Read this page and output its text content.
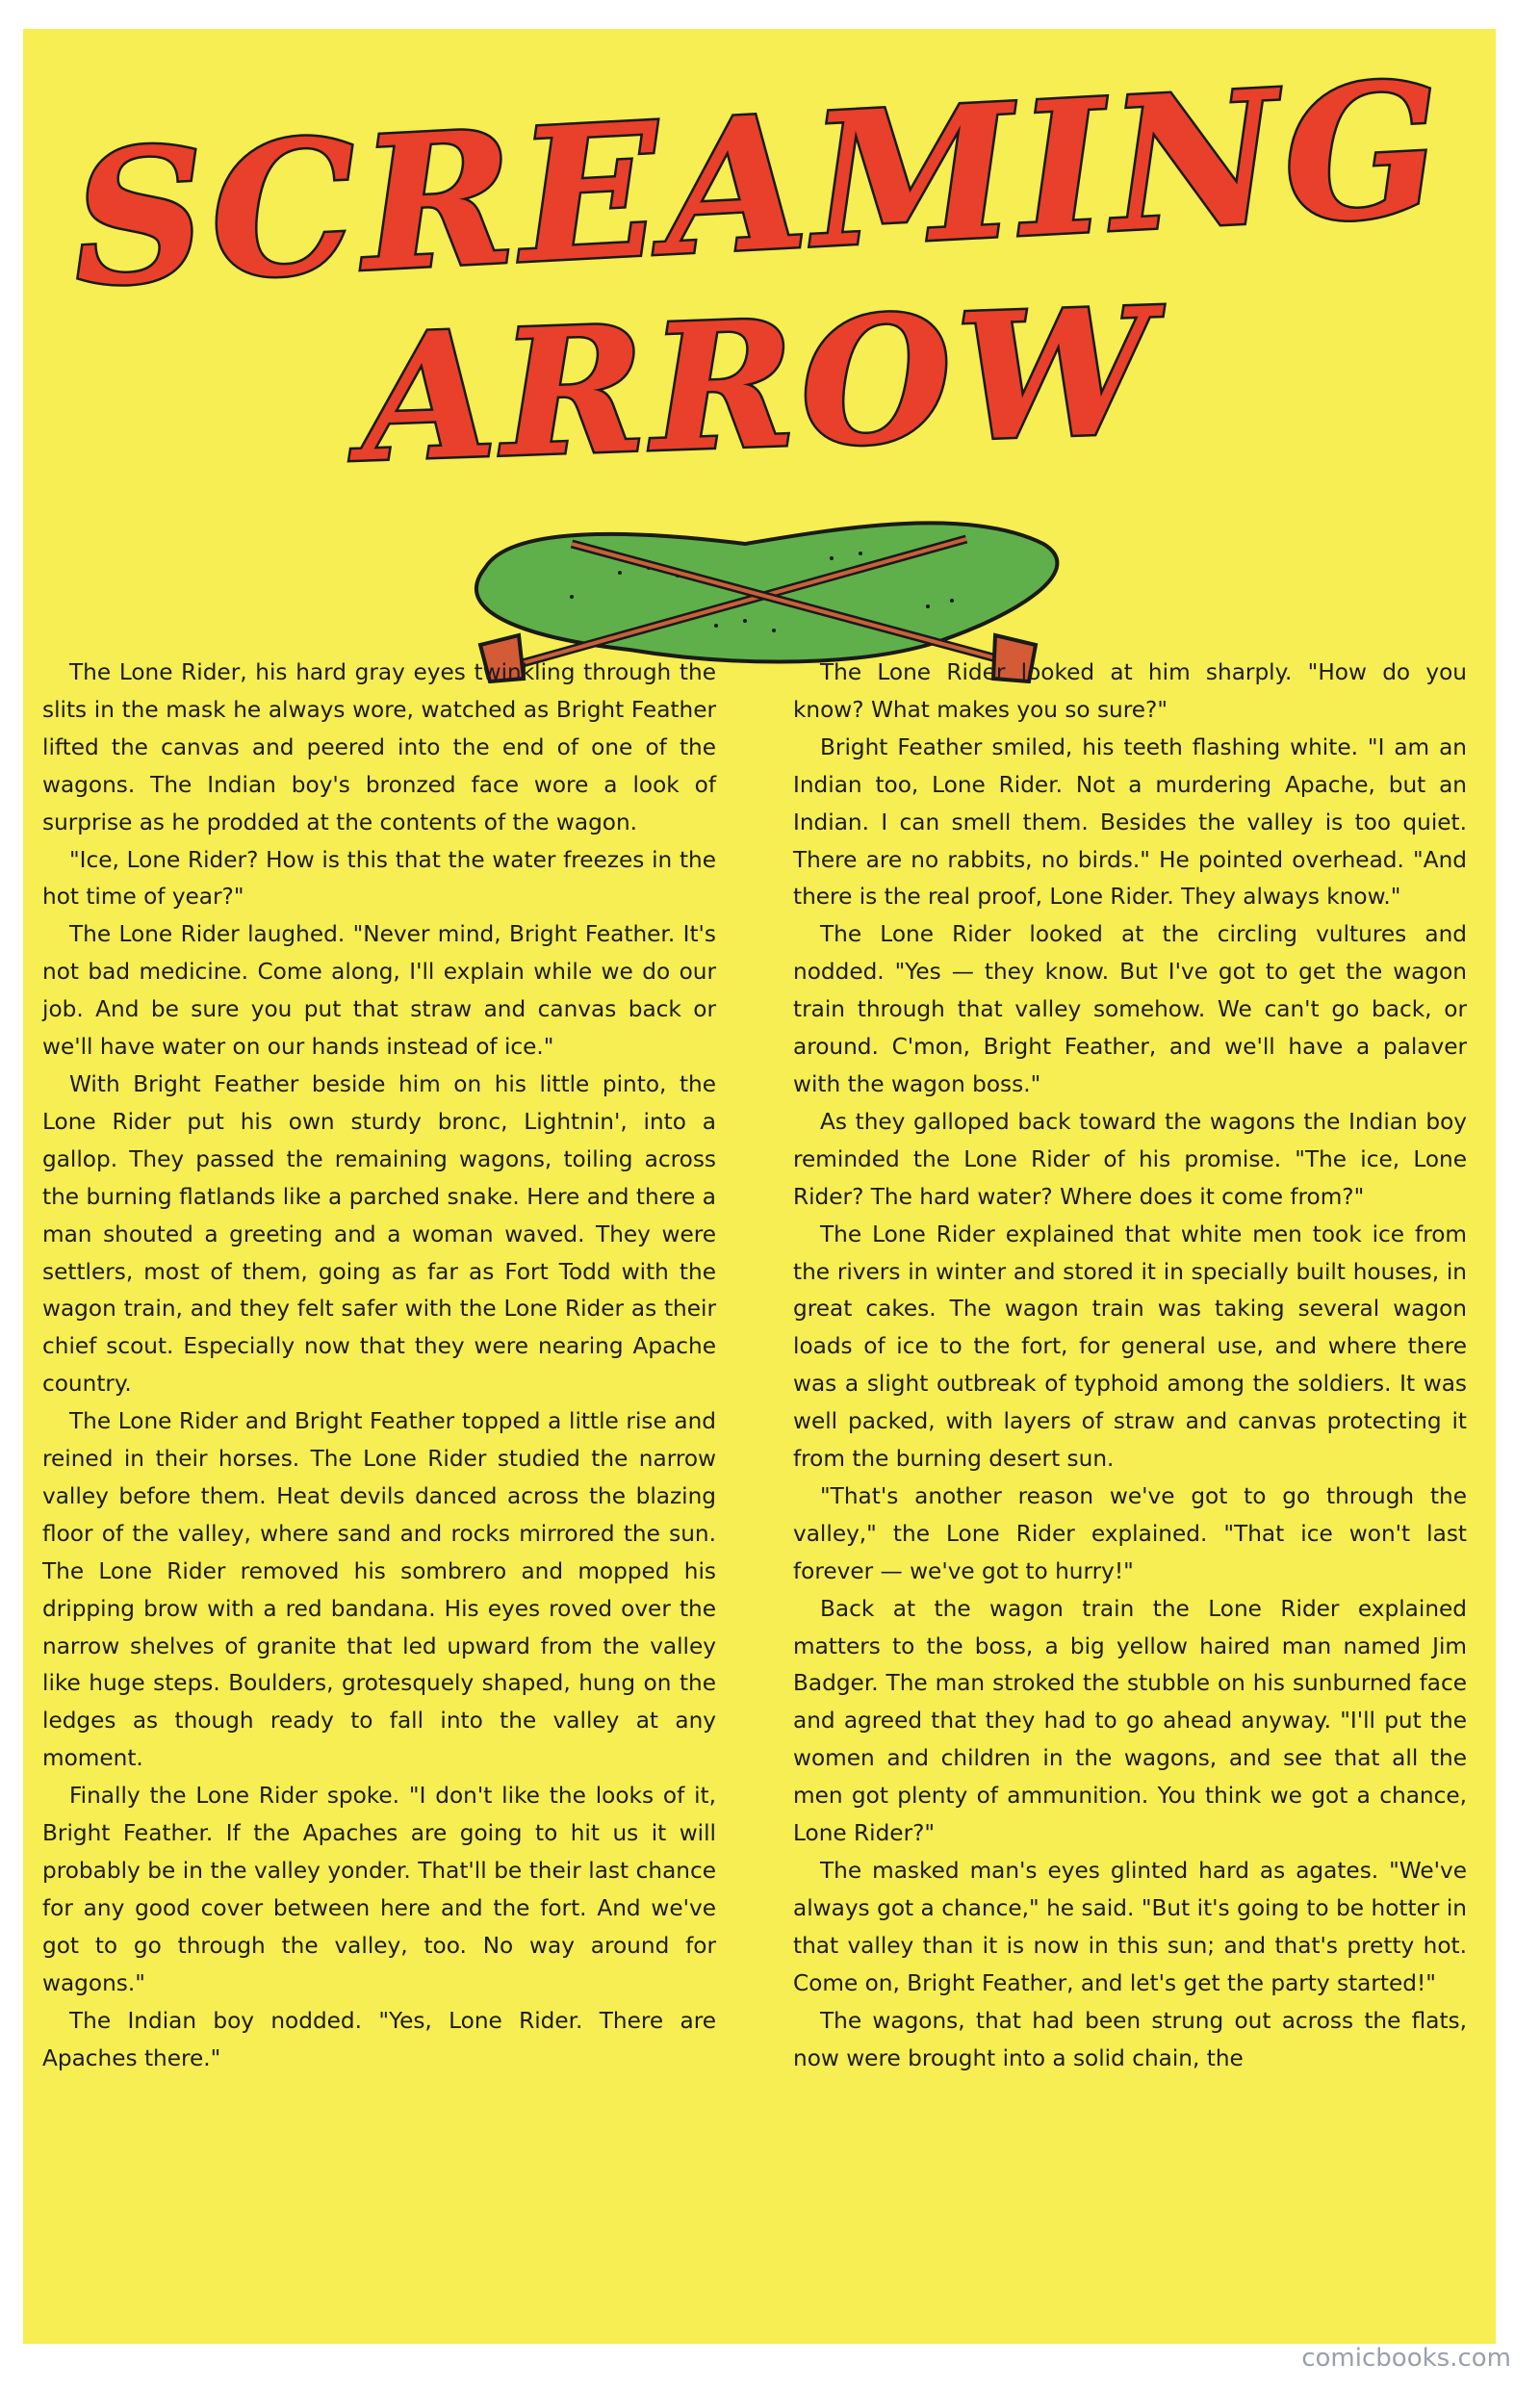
SCREAMING
ARROW

The Lone Rider, his hard gray eyes twinkling through the slits in the mask he always wore, watched as Bright Feather lifted the canvas and peered into the end of one of the wagons. The Indian boy's bronzed face wore a look of surprise as he prodded at the contents of the wagon.

"Ice, Lone Rider? How is this that the water freezes in the hot time of year?"

The Lone Rider laughed. "Never mind, Bright Feather. It's not bad medicine. Come along, I'll explain while we do our job. And be sure you put that straw and canvas back or we'll have water on our hands instead of ice."

With Bright Feather beside him on his little pinto, the Lone Rider put his own sturdy bronc, Lightnin', into a gallop. They passed the remaining wagons, toiling across the burning flatlands like a parched snake. Here and there a man shouted a greeting and a woman waved. They were settlers, most of them, going as far as Fort Todd with the wagon train, and they felt safer with the Lone Rider as their chief scout. Especially now that they were nearing Apache country.

The Lone Rider and Bright Feather topped a little rise and reined in their horses. The Lone Rider studied the narrow valley before them. Heat devils danced across the blazing floor of the valley, where sand and rocks mirrored the sun. The Lone Rider removed his sombrero and mopped his dripping brow with a red bandana. His eyes roved over the narrow shelves of granite that led upward from the valley like huge steps. Boulders, grotesquely shaped, hung on the ledges as though ready to fall into the valley at any moment.

Finally the Lone Rider spoke. "I don't like the looks of it, Bright Feather. If the Apaches are going to hit us it will probably be in the valley yonder. That'll be their last chance for any good cover between here and the fort. And we've got to go through the valley, too. No way around for wagons."

The Indian boy nodded. "Yes, Lone Rider. There are Apaches there."

The Lone Rider looked at him sharply. "How do you know? What makes you so sure?"

Bright Feather smiled, his teeth flashing white. "I am an Indian too, Lone Rider. Not a murdering Apache, but an Indian. I can smell them. Besides the valley is too quiet. There are no rabbits, no birds." He pointed overhead. "And there is the real proof, Lone Rider. They always know."

The Lone Rider looked at the circling vultures and nodded. "Yes — they know. But I've got to get the wagon train through that valley somehow. We can't go back, or around. C'mon, Bright Feather, and we'll have a palaver with the wagon boss."

As they galloped back toward the wagons the Indian boy reminded the Lone Rider of his promise. "The ice, Lone Rider? The hard water? Where does it come from?"

The Lone Rider explained that white men took ice from the rivers in winter and stored it in specially built houses, in great cakes. The wagon train was taking several wagon loads of ice to the fort, for general use, and where there was a slight outbreak of typhoid among the soldiers. It was well packed, with layers of straw and canvas protecting it from the burning desert sun.

"That's another reason we've got to go through the valley," the Lone Rider explained. "That ice won't last forever — we've got to hurry!"

Back at the wagon train the Lone Rider explained matters to the boss, a big yellow haired man named Jim Badger. The man stroked the stubble on his sunburned face and agreed that they had to go ahead anyway. "I'll put the women and children in the wagons, and see that all the men got plenty of ammunition. You think we got a chance, Lone Rider?"

The masked man's eyes glinted hard as agates. "We've always got a chance," he said. "But it's going to be hotter in that valley than it is now in this sun; and that's pretty hot. Come on, Bright Feather, and let's get the party started!"

The wagons, that had been strung out across the flats, now were brought into a solid chain, the

comicbooks.com
